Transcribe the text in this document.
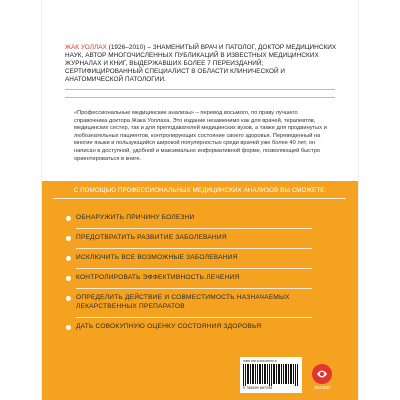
ЖАК УОЛЛАХ (1926–2010) – ЗНАМЕНИТЫЙ ВРАЧ И ПАТОЛОГ, ДОКТОР МЕДИЦИНСКИХ НАУК, АВТОР МНОГОЧИСЛЕННЫХ ПУБЛИКАЦИЙ В ИЗВЕСТНЫХ МЕДИЦИНСКИХ ЖУРНАЛАХ И КНИГ, ВЫДЕРЖАВШИХ БОЛЕЕ 7 ПЕРЕИЗДАНИЙ; СЕРТИФИЦИРОВАННЫЙ СПЕЦИАЛИСТ В ОБЛАСТИ КЛИНИЧЕСКОЙ И АНАТОМИЧЕСКОЙ ПАТОЛОГИИ.
«Профессиональные медицинские анализы» – перевод восьмого, по праву лучшего справочника доктора Жака Уоллаха. Это издание незаменимо как для врачей, терапевтов, медицинских сестер, так и для преподавателей медицинских вузов, а также для продвинутых и любознательных пациентов, контролирующих состояние своего здоровья. Переведенный на многие языки и пользующийся широкой популярностью среди врачей уже более 40 лет, он написан в доступной, удобной и максимально информативной форме, позволяющей быстро ориентироваться в книге.
С ПОМОЩЬЮ ПРОФЕССИОНАЛЬНЫХ МЕДИЦИНСКИХ АНАЛИЗОВ ВЫ СМОЖЕТЕ:
ОБНАРУЖИТЬ ПРИЧИНУ БОЛЕЗНИ
ПРЕДОТВРАТИТЬ РАЗВИТИЕ ЗАБОЛЕВАНИЯ
ИСКЛЮЧИТЬ ВСЕ ВОЗМОЖНЫЕ ЗАБОЛЕВАНИЯ
КОНТРОЛИРОВАТЬ ЭФФЕКТИВНОСТЬ ЛЕЧЕНИЯ
ОПРЕДЕЛИТЬ ДЕЙСТВИЕ И СОВМЕСТИМОСТЬ НАЗНАЧАЕМЫХ ЛЕКАРСТВЕННЫХ ПРЕПАРАТОВ
ДАТЬ СОВОКУПНУЮ ОЦЕНКУ СОСТОЯНИЯ ЗДОРОВЬЯ
ISBN 978-5-699-68709-8
9 785699 687098	ЭКСМО
